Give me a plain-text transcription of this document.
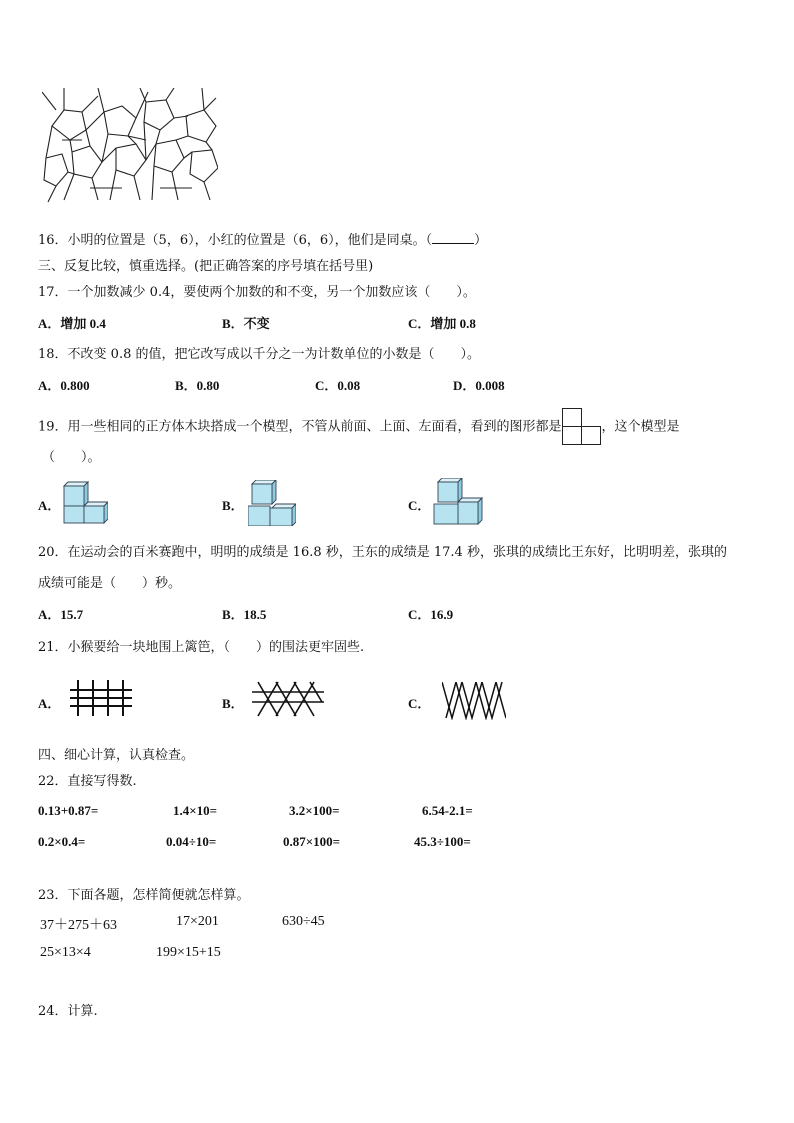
16．小明的位置是（5，6），小红的位置是（6，6），他们是同桌。（	）
三、反复比较，慎重选择。(把正确答案的序号填在括号里)
17．一个加数减少 0.4，要使两个加数的和不变，另一个加数应该（　　）。
A．增加 0.4	B．不变	C．增加 0.8
18．不改变 0.8 的值，把它改写成以千分之一为计数单位的小数是（　　）。
A．0.800	B．0.80	C．0.08	D．0.008
19．用一些相同的正方体木块搭成一个模型，不管从前面、上面、左面看，看到的图形都是	，这个模型是
（　　）。
A．	B．	C．
20．在运动会的百米赛跑中，明明的成绩是 16.8 秒，王东的成绩是 17.4 秒，张琪的成绩比王东好，比明明差，张琪的
成绩可能是（　　）秒。
A．15.7	B．18.5	C．16.9
21．小猴要给一块地围上篱笆，（　　）的围法更牢固些.
A．	B．	C．
四、细心计算，认真检查。
22．直接写得数.
0.13+0.87=	1.4×10=	3.2×100=	6.54-2.1=
0.2×0.4=	0.04÷10=	0.87×100=	45.3÷100=
23．下面各题，怎样简便就怎样算。
37＋275＋63	17×201	630÷45
25×13×4	199×15+15
24．计算.
